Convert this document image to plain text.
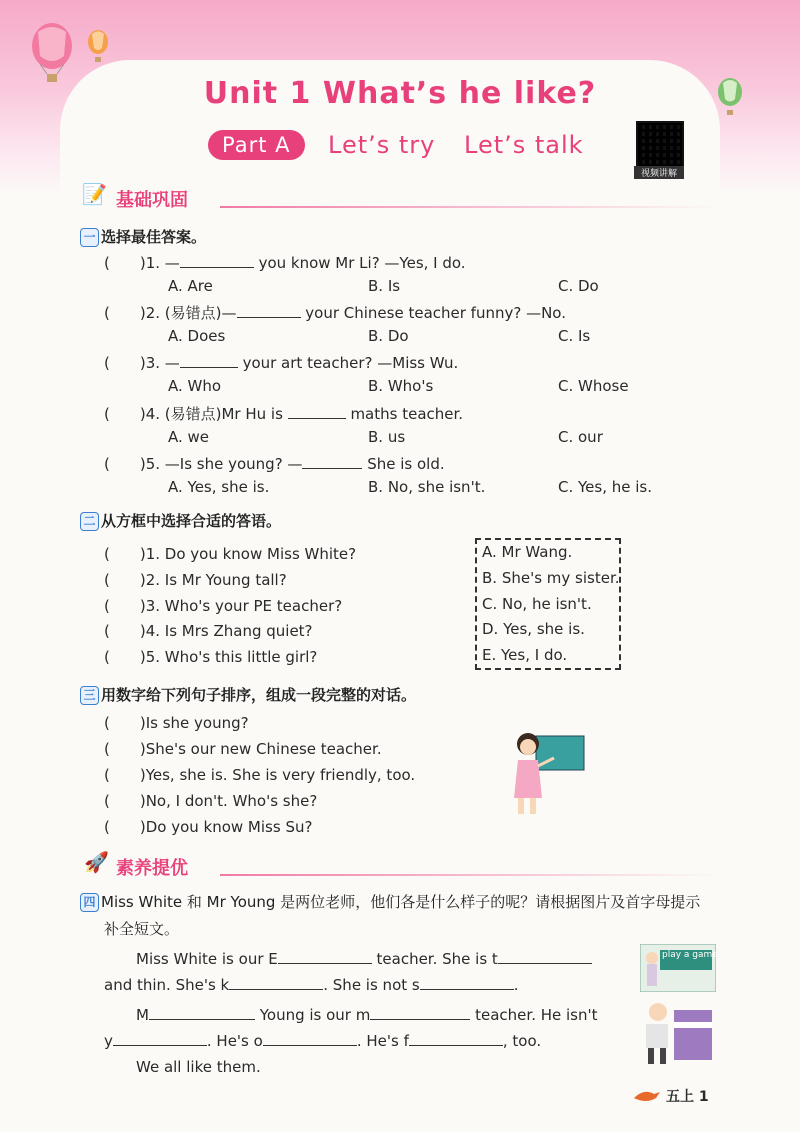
Unit 1 What’s he like?
Part A	Let’s try Let’s talk
视频讲解
📝 基础巩固
一 选择最佳答案。
(　　)1. —	you know Mr Li? —Yes, I do.
A. Are	B. Is	C. Do
(　　)2. (易错点)—	your Chinese teacher funny? —No.
A. Does	B. Do	C. Is
(　　)3. —	your art teacher? —Miss Wu.
A. Who	B. Who's	C. Whose
(　　)4. (易错点)Mr Hu is	maths teacher.
A. we	B. us	C. our
(　　)5. —Is she young? —	She is old.
A. Yes, she is.	B. No, she isn't.	C. Yes, he is.
二 从方框中选择合适的答语。
(　　)1. Do you know Miss White?
(　　)2. Is Mr Young tall?
(　　)3. Who's your PE teacher?
(　　)4. Is Mrs Zhang quiet?
(　　)5. Who's this little girl?
A. Mr Wang.
B. She's my sister.
C. No, he isn't.
D. Yes, she is.
E. Yes, I do.
三 用数字给下列句子排序，组成一段完整的对话。
(　　)Is she young?
(　　)She's our new Chinese teacher.
(　　)Yes, she is. She is very friendly, too.
(　　)No, I don't. Who's she?
(　　)Do you know Miss Su?
🚀 素养提优
四 Miss White 和 Mr Young 是两位老师，他们各是什么样子的呢？请根据图片及首字母提示
补全短文。
Miss White is our E	teacher. She is t
and thin. She's k	. She is not s	.
M	Young is our m	teacher. He isn't
y	. He's o	. He's f	, too.
We all like them.
play a game
五上 1
